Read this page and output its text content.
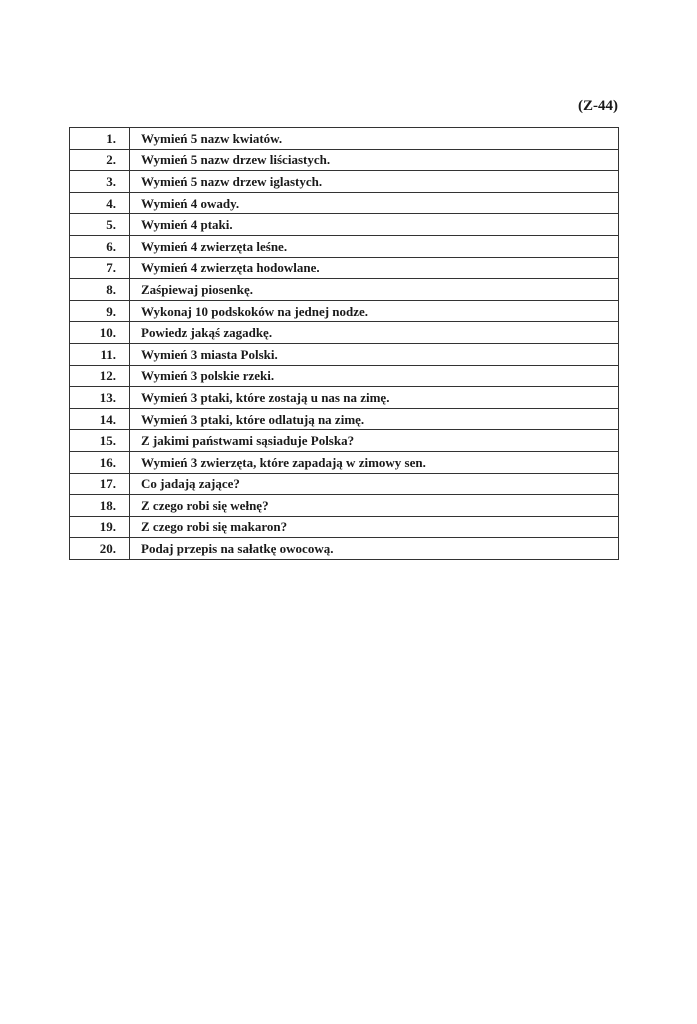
(Z-44)
1.	Wymień 5 nazw kwiatów.
2.	Wymień 5 nazw drzew liściastych.
3.	Wymień 5 nazw drzew iglastych.
4.	Wymień 4 owady.
5.	Wymień 4 ptaki.
6.	Wymień 4 zwierzęta leśne.
7.	Wymień 4 zwierzęta hodowlane.
8.	Zaśpiewaj piosenkę.
9.	Wykonaj 10 podskoków na jednej nodze.
10.	Powiedz jakąś zagadkę.
11.	Wymień 3 miasta Polski.
12.	Wymień 3 polskie rzeki.
13.	Wymień 3 ptaki, które zostają u nas na zimę.
14.	Wymień 3 ptaki, które odlatują na zimę.
15.	Z jakimi państwami sąsiaduje Polska?
16.	Wymień 3 zwierzęta, które zapadają w zimowy sen.
17.	Co jadają zające?
18.	Z czego robi się wełnę?
19.	Z czego robi się makaron?
20.	Podaj przepis na sałatkę owocową.
